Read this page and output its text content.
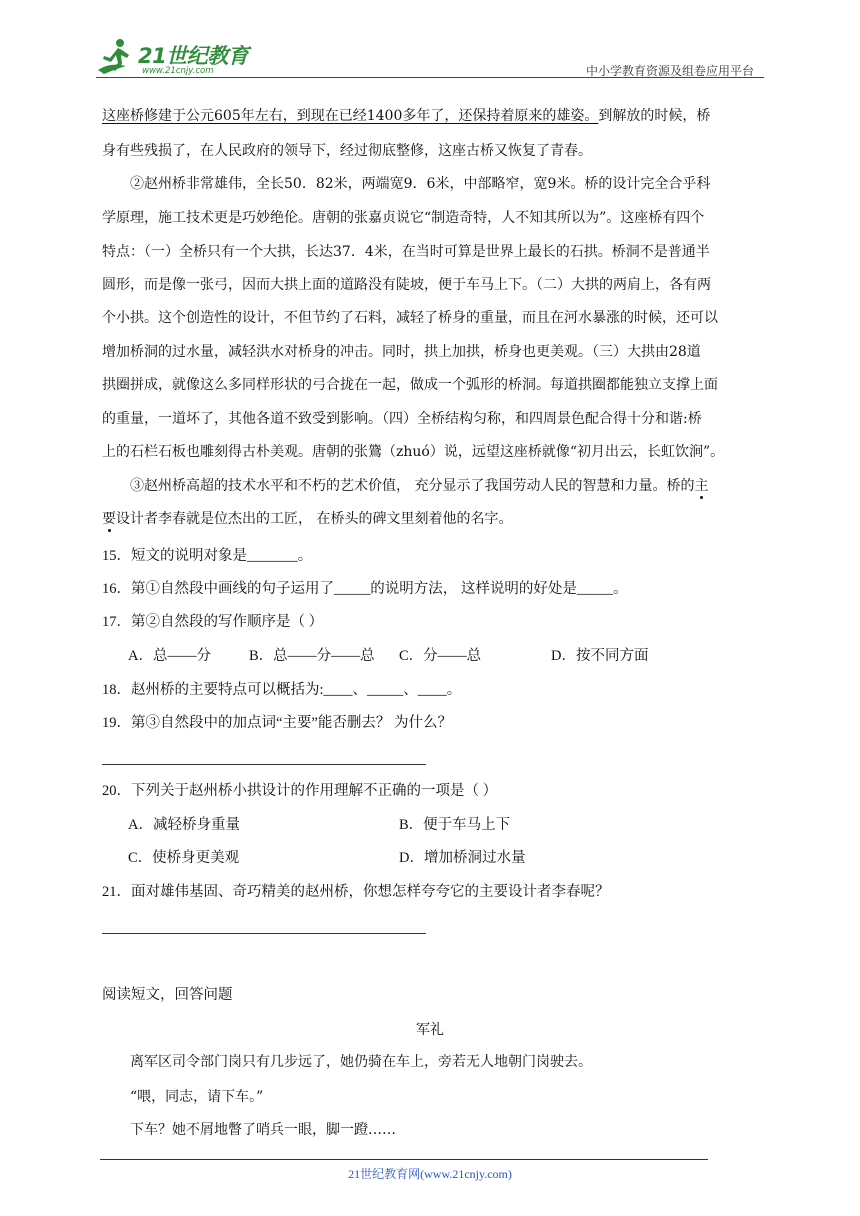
21世纪教育
www.21cnjy.com	中小学教育资源及组卷应用平台
这座桥修建于公元605年左右，到现在已经1400多年了，还保持着原来的雄姿。到解放的时候，桥
身有些残损了，在人民政府的领导下，经过彻底整修，这座古桥又恢复了青春。
②赵州桥非常雄伟，全长50．82米，两端宽9．6米，中部略窄，宽9米。桥的设计完全合乎科
学原理，施工技术更是巧妙绝伦。唐朝的张嘉贞说它“制造奇特，人不知其所以为”。这座桥有四个
特点：（一）全桥只有一个大拱，长达37．4米，在当时可算是世界上最长的石拱。桥洞不是普通半
圆形，而是像一张弓，因而大拱上面的道路没有陡坡，便于车马上下。（二）大拱的两肩上，各有两
个小拱。这个创造性的设计，不但节约了石料，减轻了桥身的重量，而且在河水暴涨的时候，还可以
增加桥洞的过水量，减轻洪水对桥身的冲击。同时，拱上加拱，桥身也更美观。（三）大拱由28道
拱圈拼成，就像这么多同样形状的弓合拢在一起，做成一个弧形的桥洞。每道拱圈都能独立支撑上面
的重量，一道坏了，其他各道不致受到影响。（四）全桥结构匀称，和四周景色配合得十分和谐:桥
上的石栏石板也雕刻得古朴美观。唐朝的张鷟（zhuó）说，远望这座桥就像“初月出云，长虹饮涧”。
③赵州桥高超的技术水平和不朽的艺术价值， 充分显示了我国劳动人民的智慧和力量。桥的主
要设计者李春就是位杰出的工匠， 在桥头的碑文里刻着他的名字。
15．短文的说明对象是_______。
16．第①自然段中画线的句子运用了_____的说明方法， 这样说明的好处是_____。
17．第②自然段的写作顺序是（ ）
A．总——分	B．总——分——总 C．分——总	D．按不同方面
18．赵州桥的主要特点可以概括为:____、_____、____。
19．第③自然段中的加点词“主要”能否删去？ 为什么？
20．下列关于赵州桥小拱设计的作用理解不正确的一项是（ ）
A．减轻桥身重量	B．便于车马上下
C．使桥身更美观	D．增加桥洞过水量
21．面对雄伟基固、奇巧精美的赵州桥，你想怎样夸夸它的主要设计者李春呢？
阅读短文，回答问题
军礼
离军区司令部门岗只有几步远了，她仍骑在车上，旁若无人地朝门岗驶去。
“喂，同志，请下车。”
下车？她不屑地瞥了哨兵一眼，脚一蹬……
21世纪教育网(www.21cnjy.com)
